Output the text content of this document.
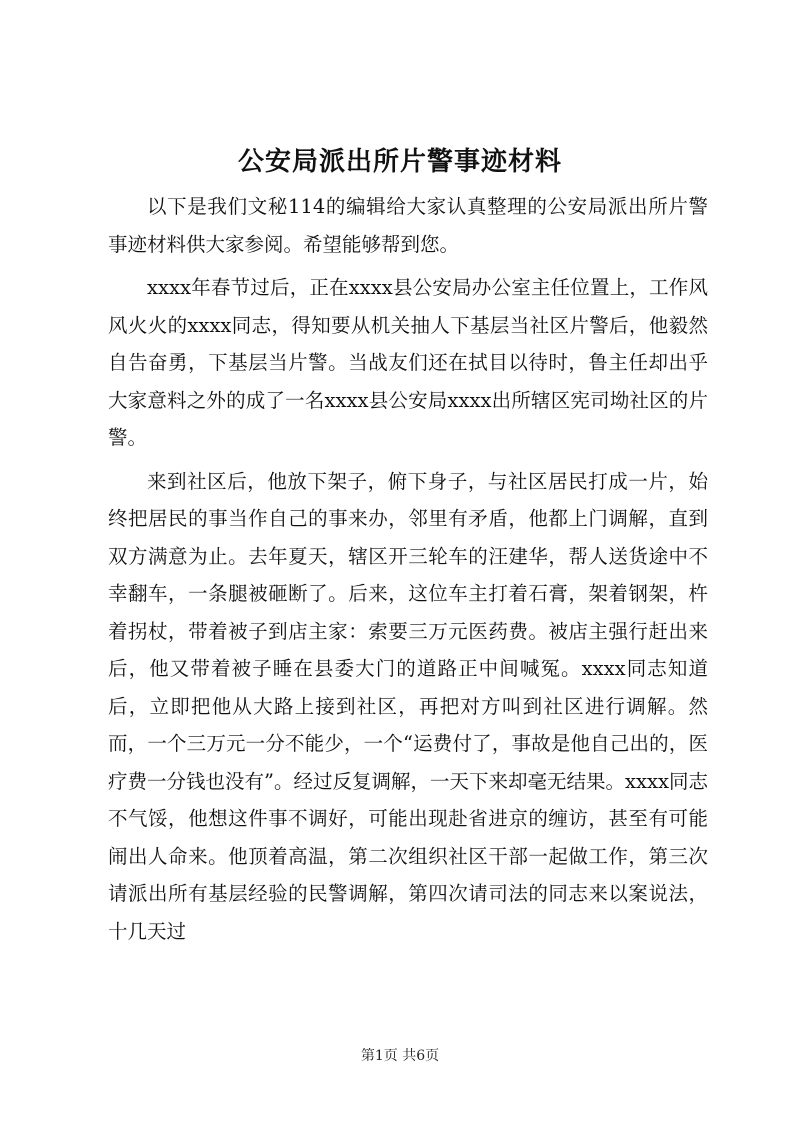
公安局派出所片警事迹材料

以下是我们文秘114的编辑给大家认真整理的公安局派出所片警事迹材料供大家参阅。希望能够帮到您。

xxxx年春节过后，正在xxxx县公安局办公室主任位置上，工作风风火火的xxxx同志，得知要从机关抽人下基层当社区片警后，他毅然自告奋勇，下基层当片警。当战友们还在拭目以待时，鲁主任却出乎大家意料之外的成了一名xxxx县公安局xxxx出所辖区宪司坳社区的片警。

来到社区后，他放下架子，俯下身子，与社区居民打成一片，始终把居民的事当作自己的事来办，邻里有矛盾，他都上门调解，直到双方满意为止。去年夏天，辖区开三轮车的汪建华，帮人送货途中不幸翻车，一条腿被砸断了。后来，这位车主打着石膏，架着钢架，杵着拐杖，带着被子到店主家：索要三万元医药费。被店主强行赶出来后，他又带着被子睡在县委大门的道路正中间喊冤。xxxx同志知道后，立即把他从大路上接到社区，再把对方叫到社区进行调解。然而，一个三万元一分不能少，一个“运费付了，事故是他自己出的，医疗费一分钱也没有”。经过反复调解，一天下来却毫无结果。xxxx同志不气馁，他想这件事不调好，可能出现赴省进京的缠访，甚至有可能闹出人命来。他顶着高温，第二次组织社区干部一起做工作，第三次请派出所有基层经验的民警调解，第四次请司法的同志来以案说法，十几天过

第1页 共6页
